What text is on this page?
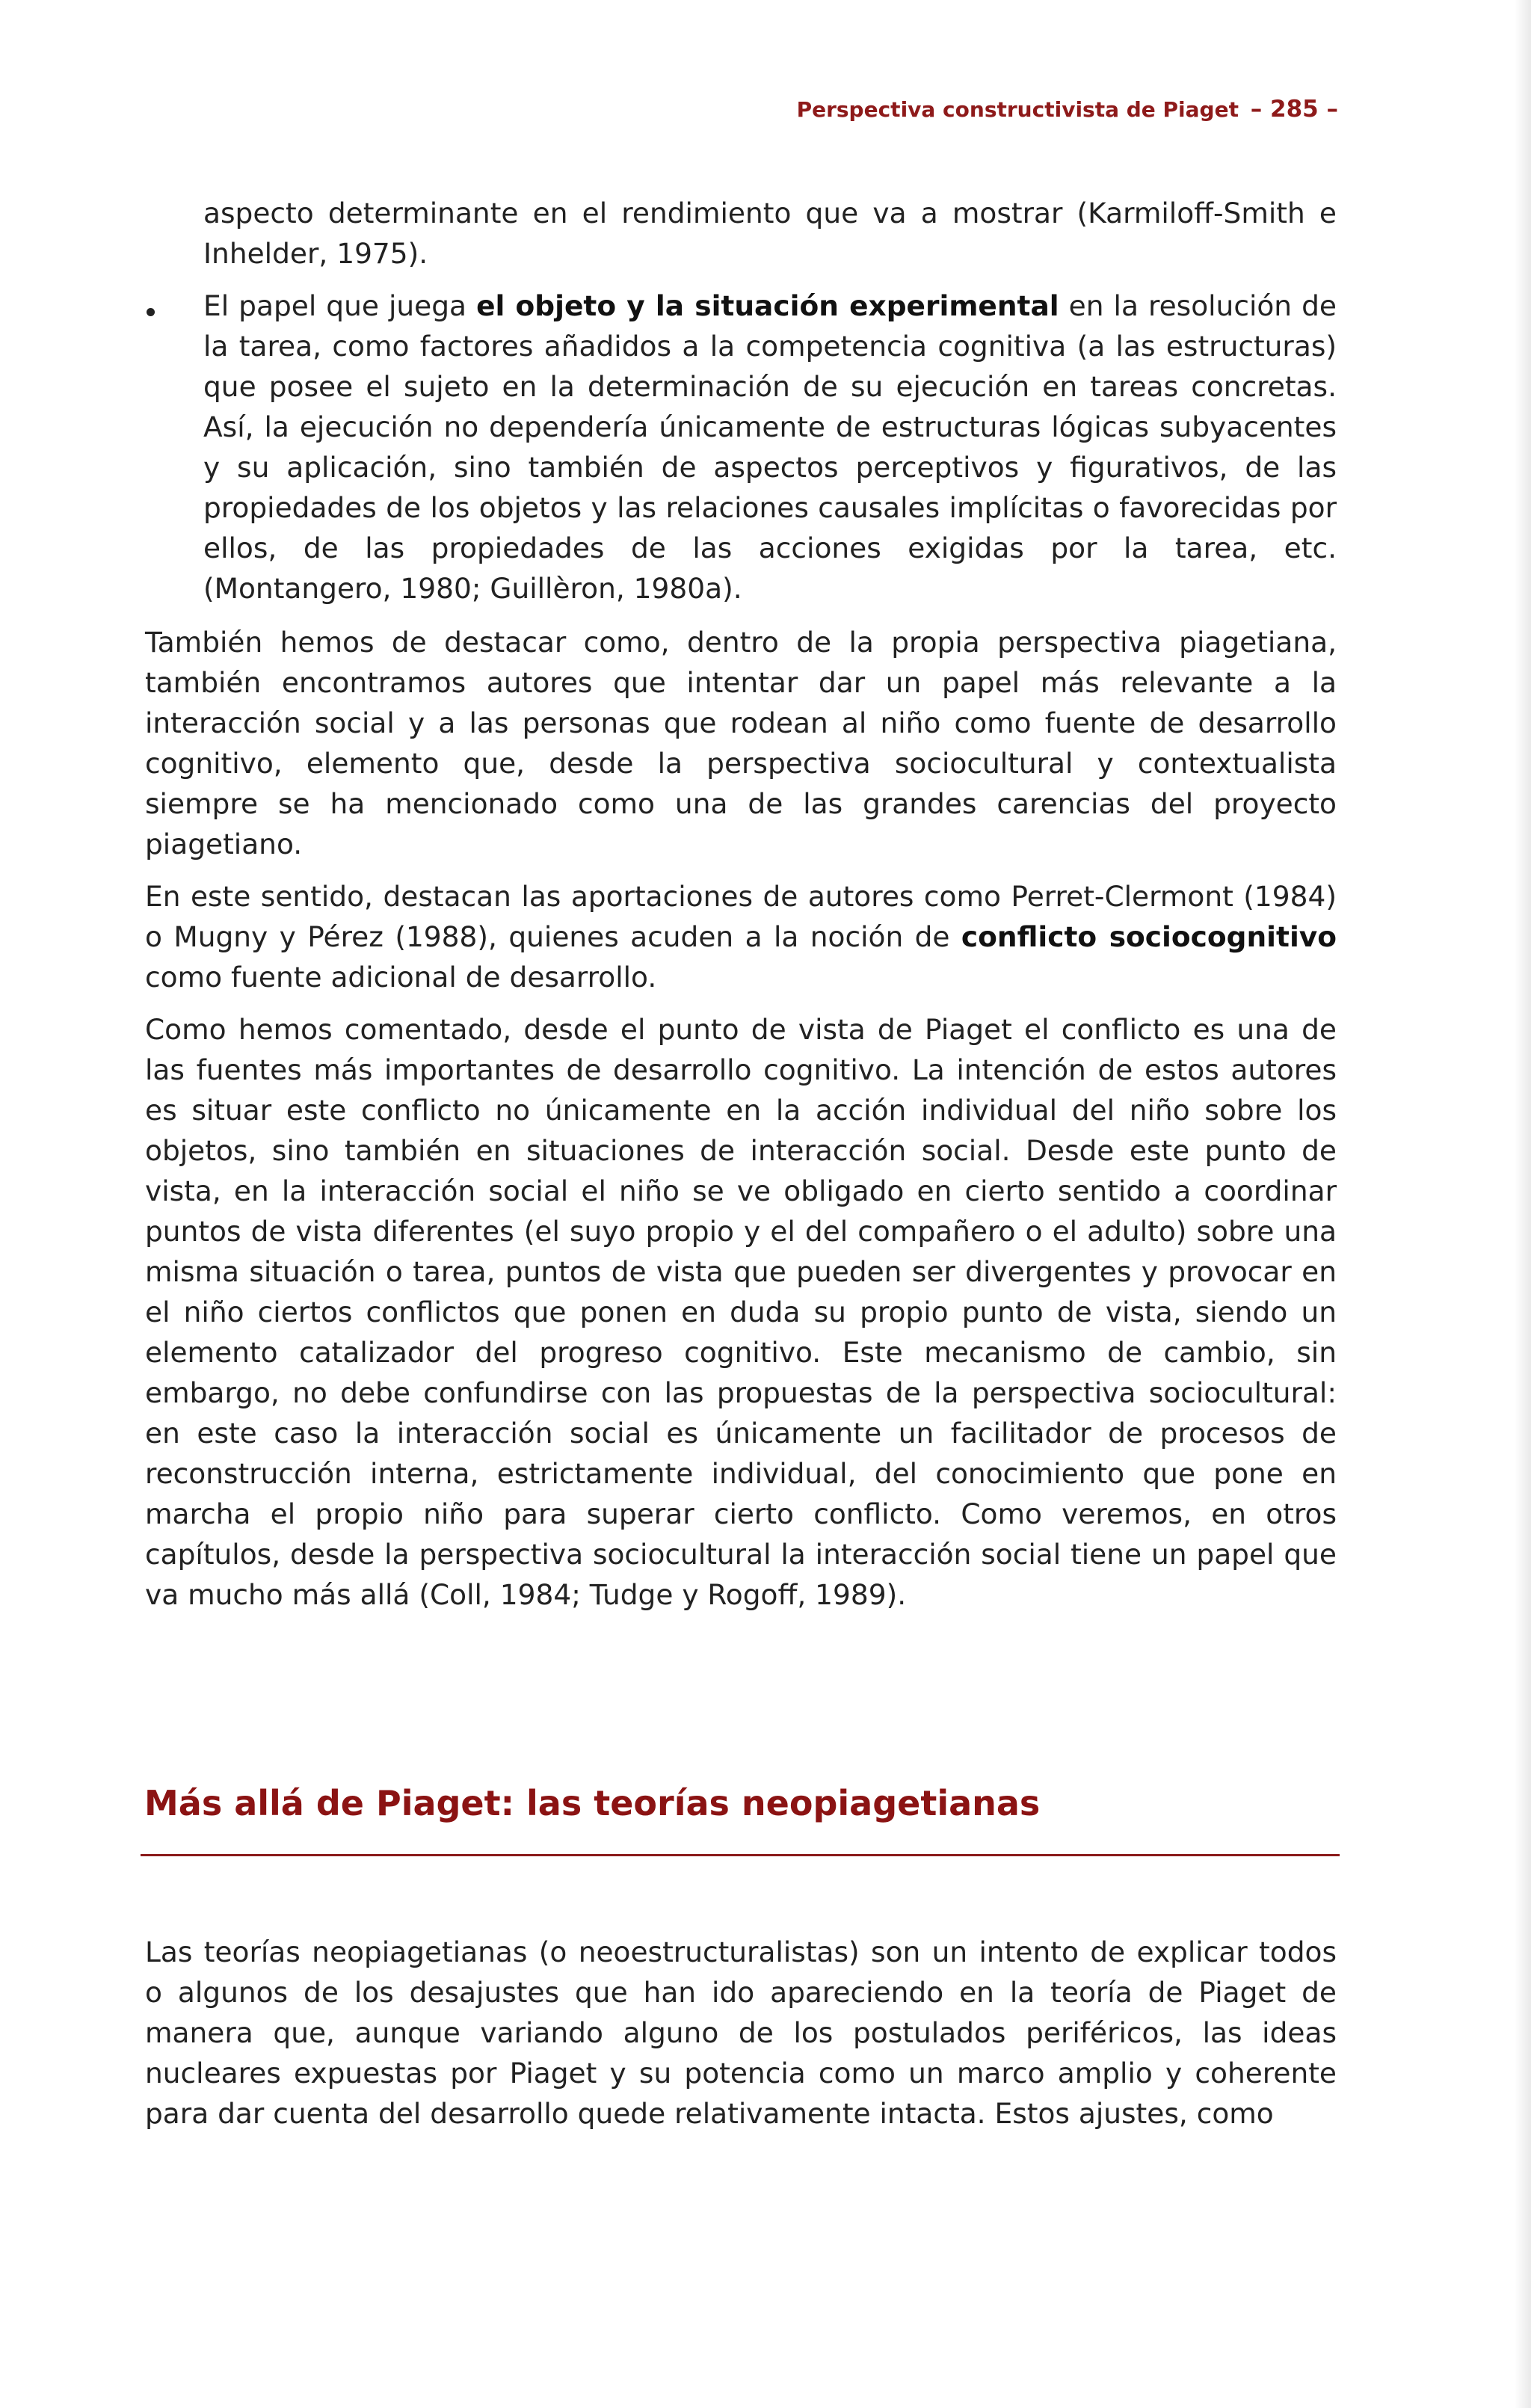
Perspectiva constructivista de Piaget – 285 –

aspecto determinante en el rendimiento que va a mostrar (Karmiloff-Smith e Inhelder, 1975).

El papel que juega el objeto y la situación experimental en la resolución de la tarea, como factores añadidos a la competencia cognitiva (a las estructuras) que posee el sujeto en la determinación de su ejecución en tareas concretas. Así, la ejecución no dependería únicamente de estructuras lógicas subyacentes y su aplicación, sino también de aspectos perceptivos y figurativos, de las propiedades de los objetos y las relaciones causales implícitas o favorecidas por ellos, de las propiedades de las acciones exigidas por la tarea, etc. (Montangero, 1980; Guillèron, 1980a).

También hemos de destacar como, dentro de la propia perspectiva piagetiana, también encontramos autores que intentar dar un papel más relevante a la interacción social y a las personas que rodean al niño como fuente de desarrollo cognitivo, elemento que, desde la perspectiva sociocultural y contextualista siempre se ha mencionado como una de las grandes carencias del proyecto piagetiano.

En este sentido, destacan las aportaciones de autores como Perret-Clermont (1984) o Mugny y Pérez (1988), quienes acuden a la noción de conflicto sociocognitivo como fuente adicional de desarrollo.

Como hemos comentado, desde el punto de vista de Piaget el conflicto es una de las fuentes más importantes de desarrollo cognitivo. La intención de estos autores es situar este conflicto no únicamente en la acción individual del niño sobre los objetos, sino también en situaciones de interacción social. Desde este punto de vista, en la interacción social el niño se ve obligado en cierto sentido a coordinar puntos de vista diferentes (el suyo propio y el del compañero o el adulto) sobre una misma situación o tarea, puntos de vista que pueden ser divergentes y provocar en el niño ciertos conflictos que ponen en duda su propio punto de vista, siendo un elemento catalizador del progreso cognitivo. Este mecanismo de cambio, sin embargo, no debe confundirse con las propuestas de la perspectiva sociocultural: en este caso la interacción social es únicamente un facilitador de procesos de reconstrucción interna, estrictamente individual, del conocimiento que pone en marcha el propio niño para superar cierto conflicto. Como veremos, en otros capítulos, desde la perspectiva sociocultural la interacción social tiene un papel que va mucho más allá (Coll, 1984; Tudge y Rogoff, 1989).

Más allá de Piaget: las teorías neopiagetianas

Las teorías neopiagetianas (o neoestructuralistas) son un intento de explicar todos o algunos de los desajustes que han ido apareciendo en la teoría de Piaget de manera que, aunque variando alguno de los postulados periféricos, las ideas nucleares expuestas por Piaget y su potencia como un marco amplio y coherente para dar cuenta del desarrollo quede relativamente intacta. Estos ajustes, como
